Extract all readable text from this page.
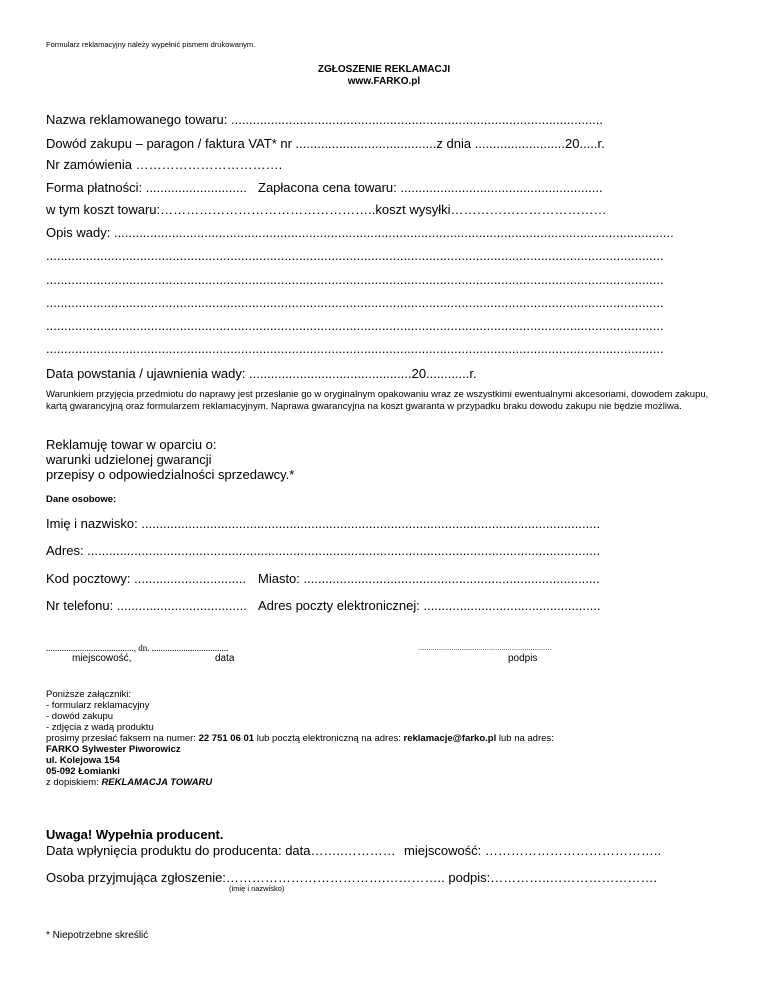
Formularz reklamacyjny należy wypełnić pismem drukowanym.
ZGŁOSZENIE REKLAMACJI
www.FARKO.pl
Nazwa reklamowanego towaru: .......................................................................................................
Dowód zakupu – paragon / faktura VAT* nr .......................................z dnia .........................20.....r.
Nr zamówienia …………………………….
Forma płatności: ............................ Zapłacona cena towaru: ........................................................
w tym koszt towaru:…………………………………………..koszt wysyłki………………………………
Opis wady: ...........................................................................................................................................................
...........................................................................................................................................................................
...........................................................................................................................................................................
...........................................................................................................................................................................
...........................................................................................................................................................................
...........................................................................................................................................................................
Data powstania / ujawnienia wady: .............................................20............r.
Warunkiem przyjęcia przedmiotu do naprawy jest przesłanie go w oryginalnym opakowaniu wraz ze wszystkimi ewentualnymi akcesoriami, dowodem zakupu, kartą gwarancyjną oraz formularzem reklamacyjnym. Naprawa gwarancyjna na koszt gwaranta w przypadku braku dowodu zakupu nie będzie możliwa.
Reklamuję towar w oparciu o:
warunki udzielonej gwarancji
przepisy o odpowiedzialności sprzedawcy.*
Dane osobowe:
Imię i nazwisko: ...............................................................................................................................
Adres: ..............................................................................................................................................
Kod pocztowy: ............................... Miasto: ..................................................................................
Nr telefonu: .................................... Adres poczty elektronicznej: .................................................
......................................., dn. ..................................	................................................................
miejscowość,	data	podpis
Poniższe załączniki:
- formularz reklamacyjny
- dowód zakupu
- zdjęcia z wadą produktu
prosimy przesłać faksem na numer: 22 751 06 01 lub pocztą elektroniczną na adres: reklamacje@farko.pl lub na adres:
FARKO Sylwester Piworowicz
ul. Kolejowa 154
05-092 Łomianki
z dopiskiem: REKLAMACJA TOWARU
Uwaga! Wypełnia producent.
Data wpłynięcia produktu do producenta: data……..………… miejscowość: …………………………………..
Osoba przyjmująca zgłoszenie:……………………………….………….. podpis:…………..…………………….
(imię i nazwisko)
* Niepotrzebne skreślić
